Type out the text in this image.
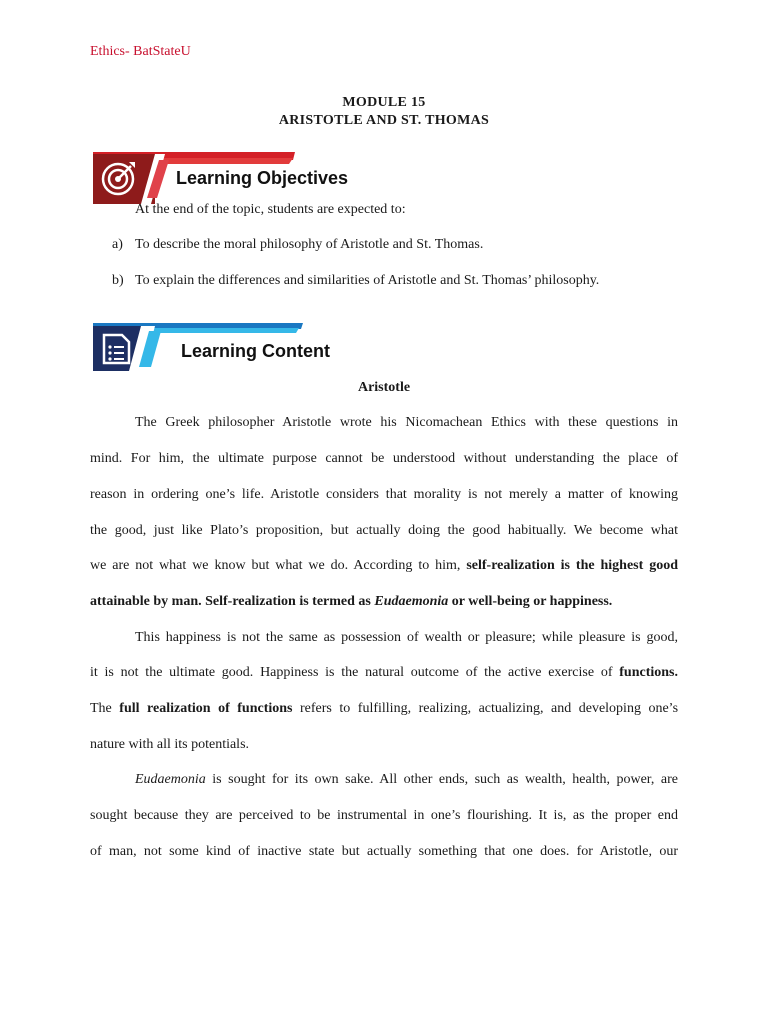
Ethics- BatStateU
MODULE 15
ARISTOTLE AND ST. THOMAS
Learning Objectives
At the end of the topic, students are expected to:
a) To describe the moral philosophy of Aristotle and St. Thomas.
b) To explain the differences and similarities of Aristotle and St. Thomas’ philosophy.
Learning Content
Aristotle
The Greek philosopher Aristotle wrote his Nicomachean Ethics with these questions in
mind. For him, the ultimate purpose cannot be understood without understanding the place of
reason in ordering one’s life. Aristotle considers that morality is not merely a matter of knowing
the good, just like Plato’s proposition, but actually doing the good habitually. We become what
we are not what we know but what we do. According to him, self-realization is the highest good
attainable by man. Self-realization is termed as Eudaemonia or well-being or happiness.
This happiness is not the same as possession of wealth or pleasure; while pleasure is good,
it is not the ultimate good. Happiness is the natural outcome of the active exercise of functions.
The full realization of functions refers to fulfilling, realizing, actualizing, and developing one’s
nature with all its potentials.
Eudaemonia is sought for its own sake. All other ends, such as wealth, health, power, are
sought because they are perceived to be instrumental in one’s flourishing. It is, as the proper end
of man, not some kind of inactive state but actually something that one does. for Aristotle, our
